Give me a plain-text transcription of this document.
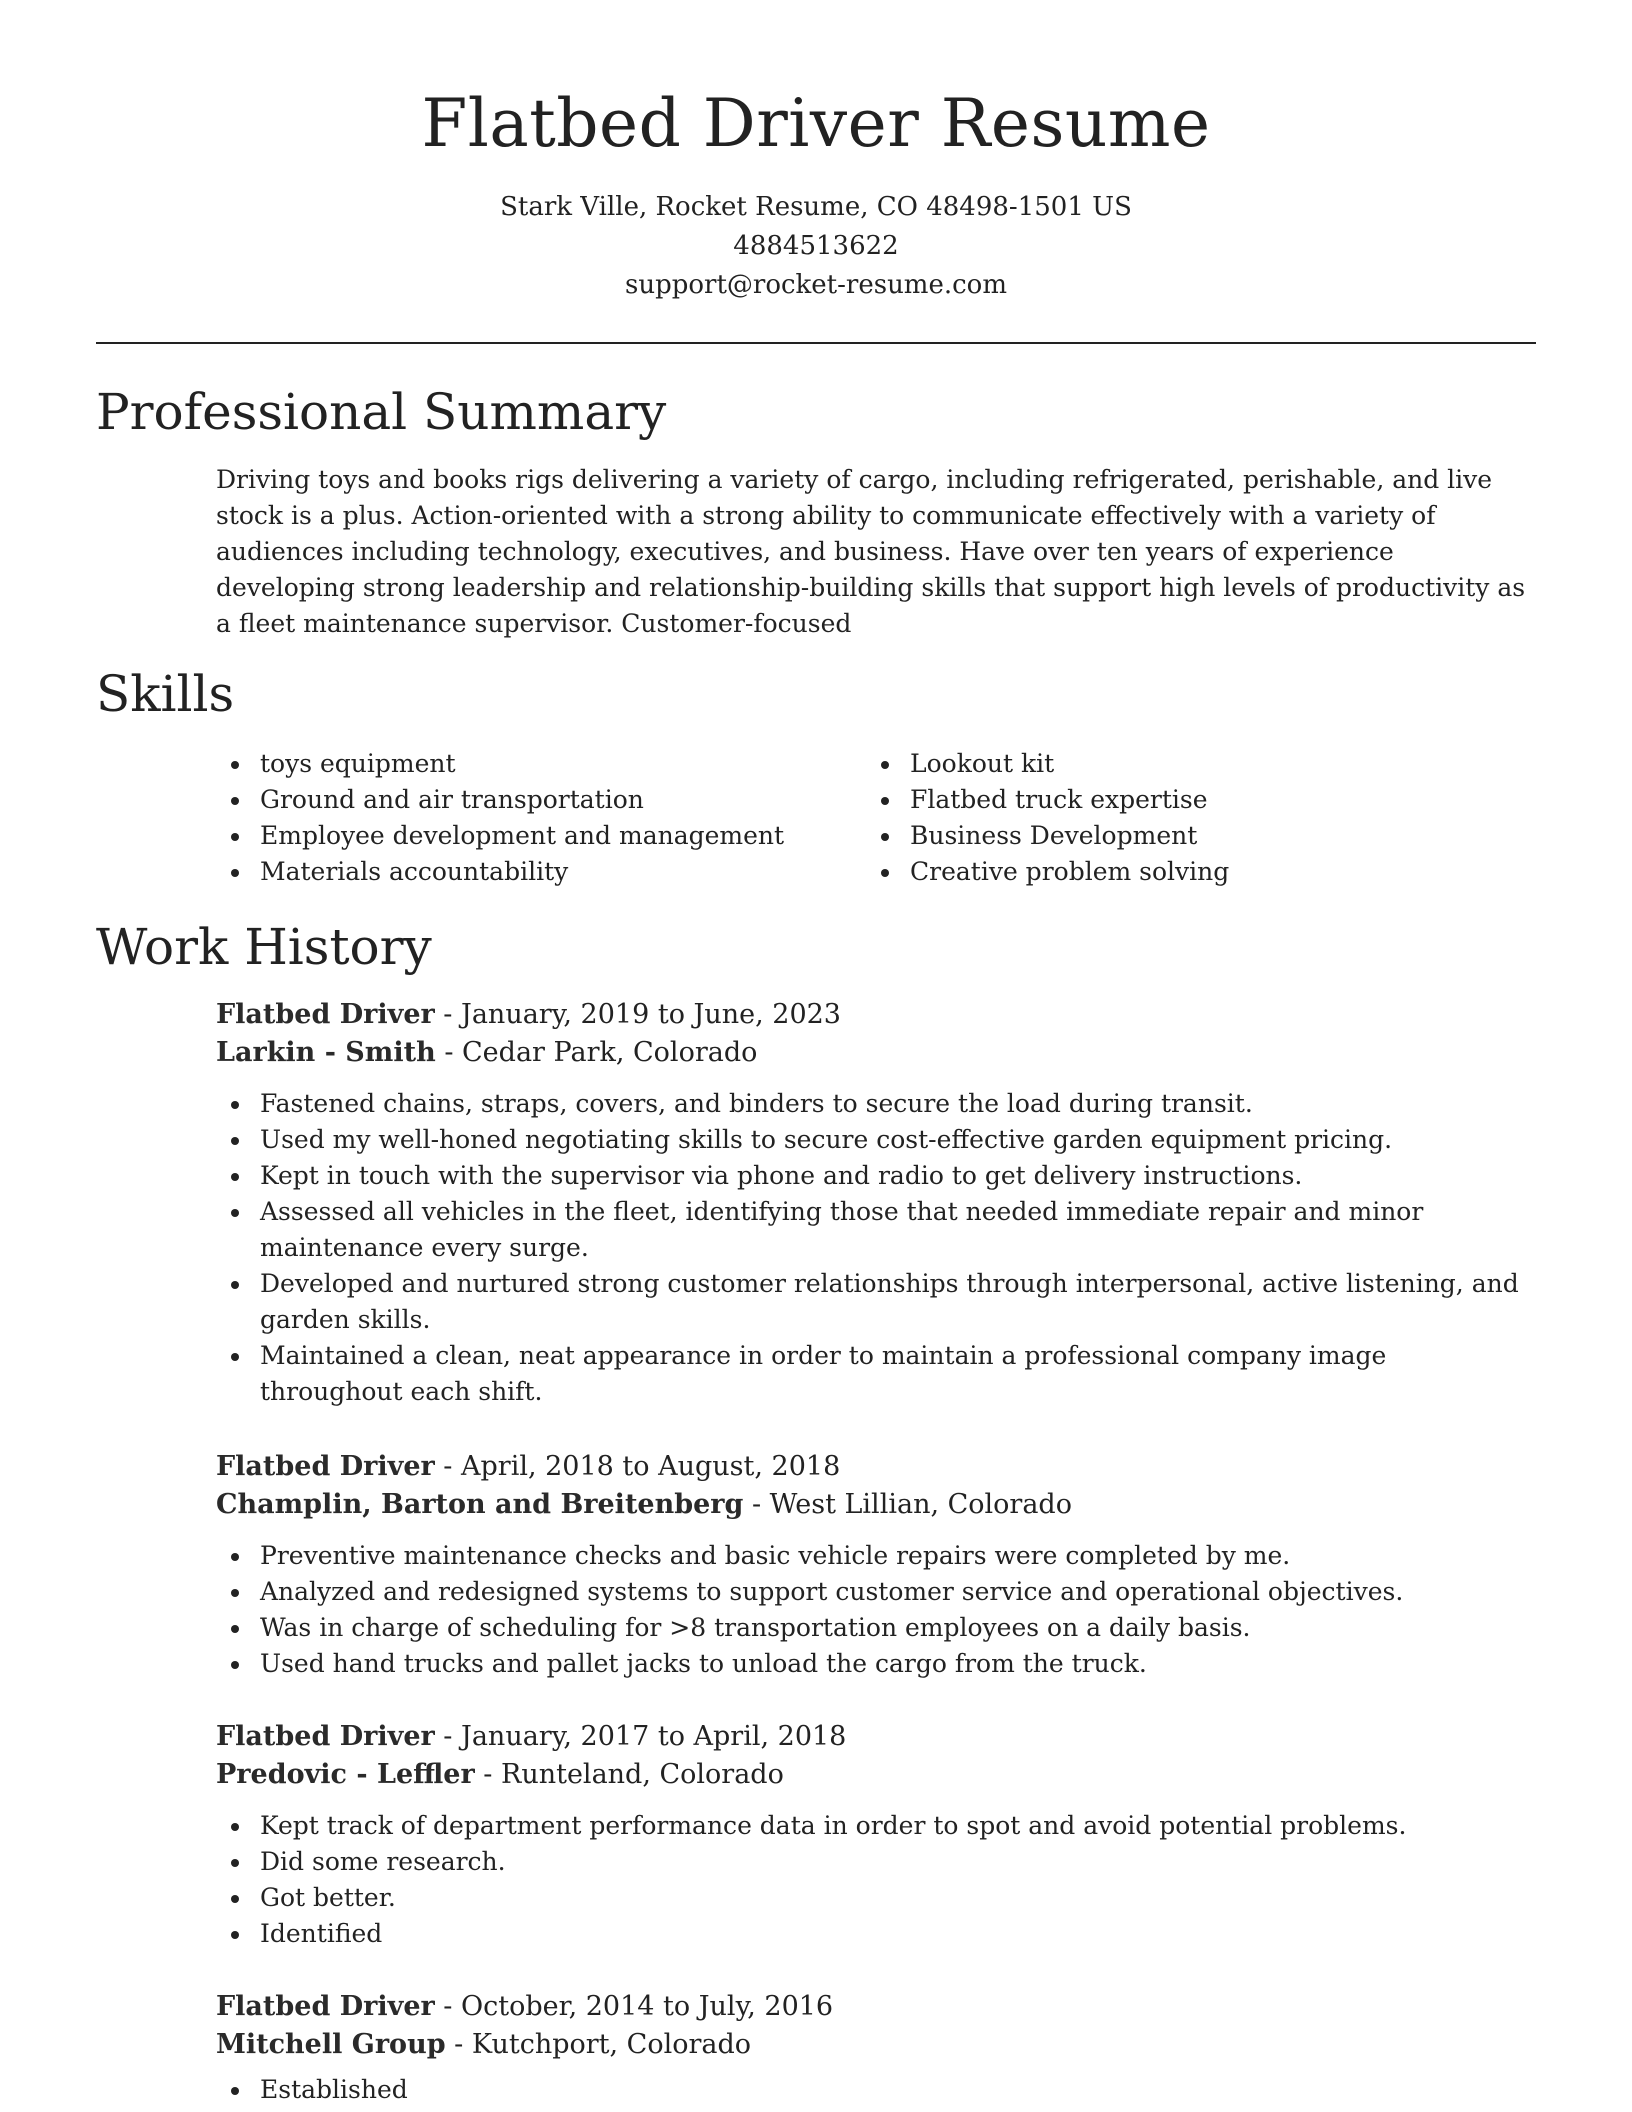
Flatbed Driver Resume
Stark Ville, Rocket Resume, CO 48498-1501 US
4884513622
support@rocket-resume.com
Professional Summary

Driving toys and books rigs delivering a variety of cargo, including refrigerated, perishable, and live stock is a plus. Action-oriented with a strong ability to communicate effectively with a variety of audiences including technology, executives, and business. Have over ten years of experience developing strong leadership and relationship-building skills that support high levels of productivity as a fleet maintenance supervisor. Customer-focused

Skills
toys equipment
Ground and air transportation
Employee development and management
Materials accountability
Lookout kit
Flatbed truck expertise
Business Development
Creative problem solving
Work History
Flatbed Driver - January, 2019 to June, 2023
Larkin - Smith - Cedar Park, Colorado
Fastened chains, straps, covers, and binders to secure the load during transit.
Used my well-honed negotiating skills to secure cost-effective garden equipment pricing.
Kept in touch with the supervisor via phone and radio to get delivery instructions.
Assessed all vehicles in the fleet, identifying those that needed immediate repair and minor maintenance every surge.
Developed and nurtured strong customer relationships through interpersonal, active listening, and garden skills.
Maintained a clean, neat appearance in order to maintain a professional company image throughout each shift.
Flatbed Driver - April, 2018 to August, 2018
Champlin, Barton and Breitenberg - West Lillian, Colorado
Preventive maintenance checks and basic vehicle repairs were completed by me.
Analyzed and redesigned systems to support customer service and operational objectives.
Was in charge of scheduling for >8 transportation employees on a daily basis.
Used hand trucks and pallet jacks to unload the cargo from the truck.
Flatbed Driver - January, 2017 to April, 2018
Predovic - Leffler - Runteland, Colorado
Kept track of department performance data in order to spot and avoid potential problems.
Did some research.
Got better.
Identified
Flatbed Driver - October, 2014 to July, 2016
Mitchell Group - Kutchport, Colorado
Established
